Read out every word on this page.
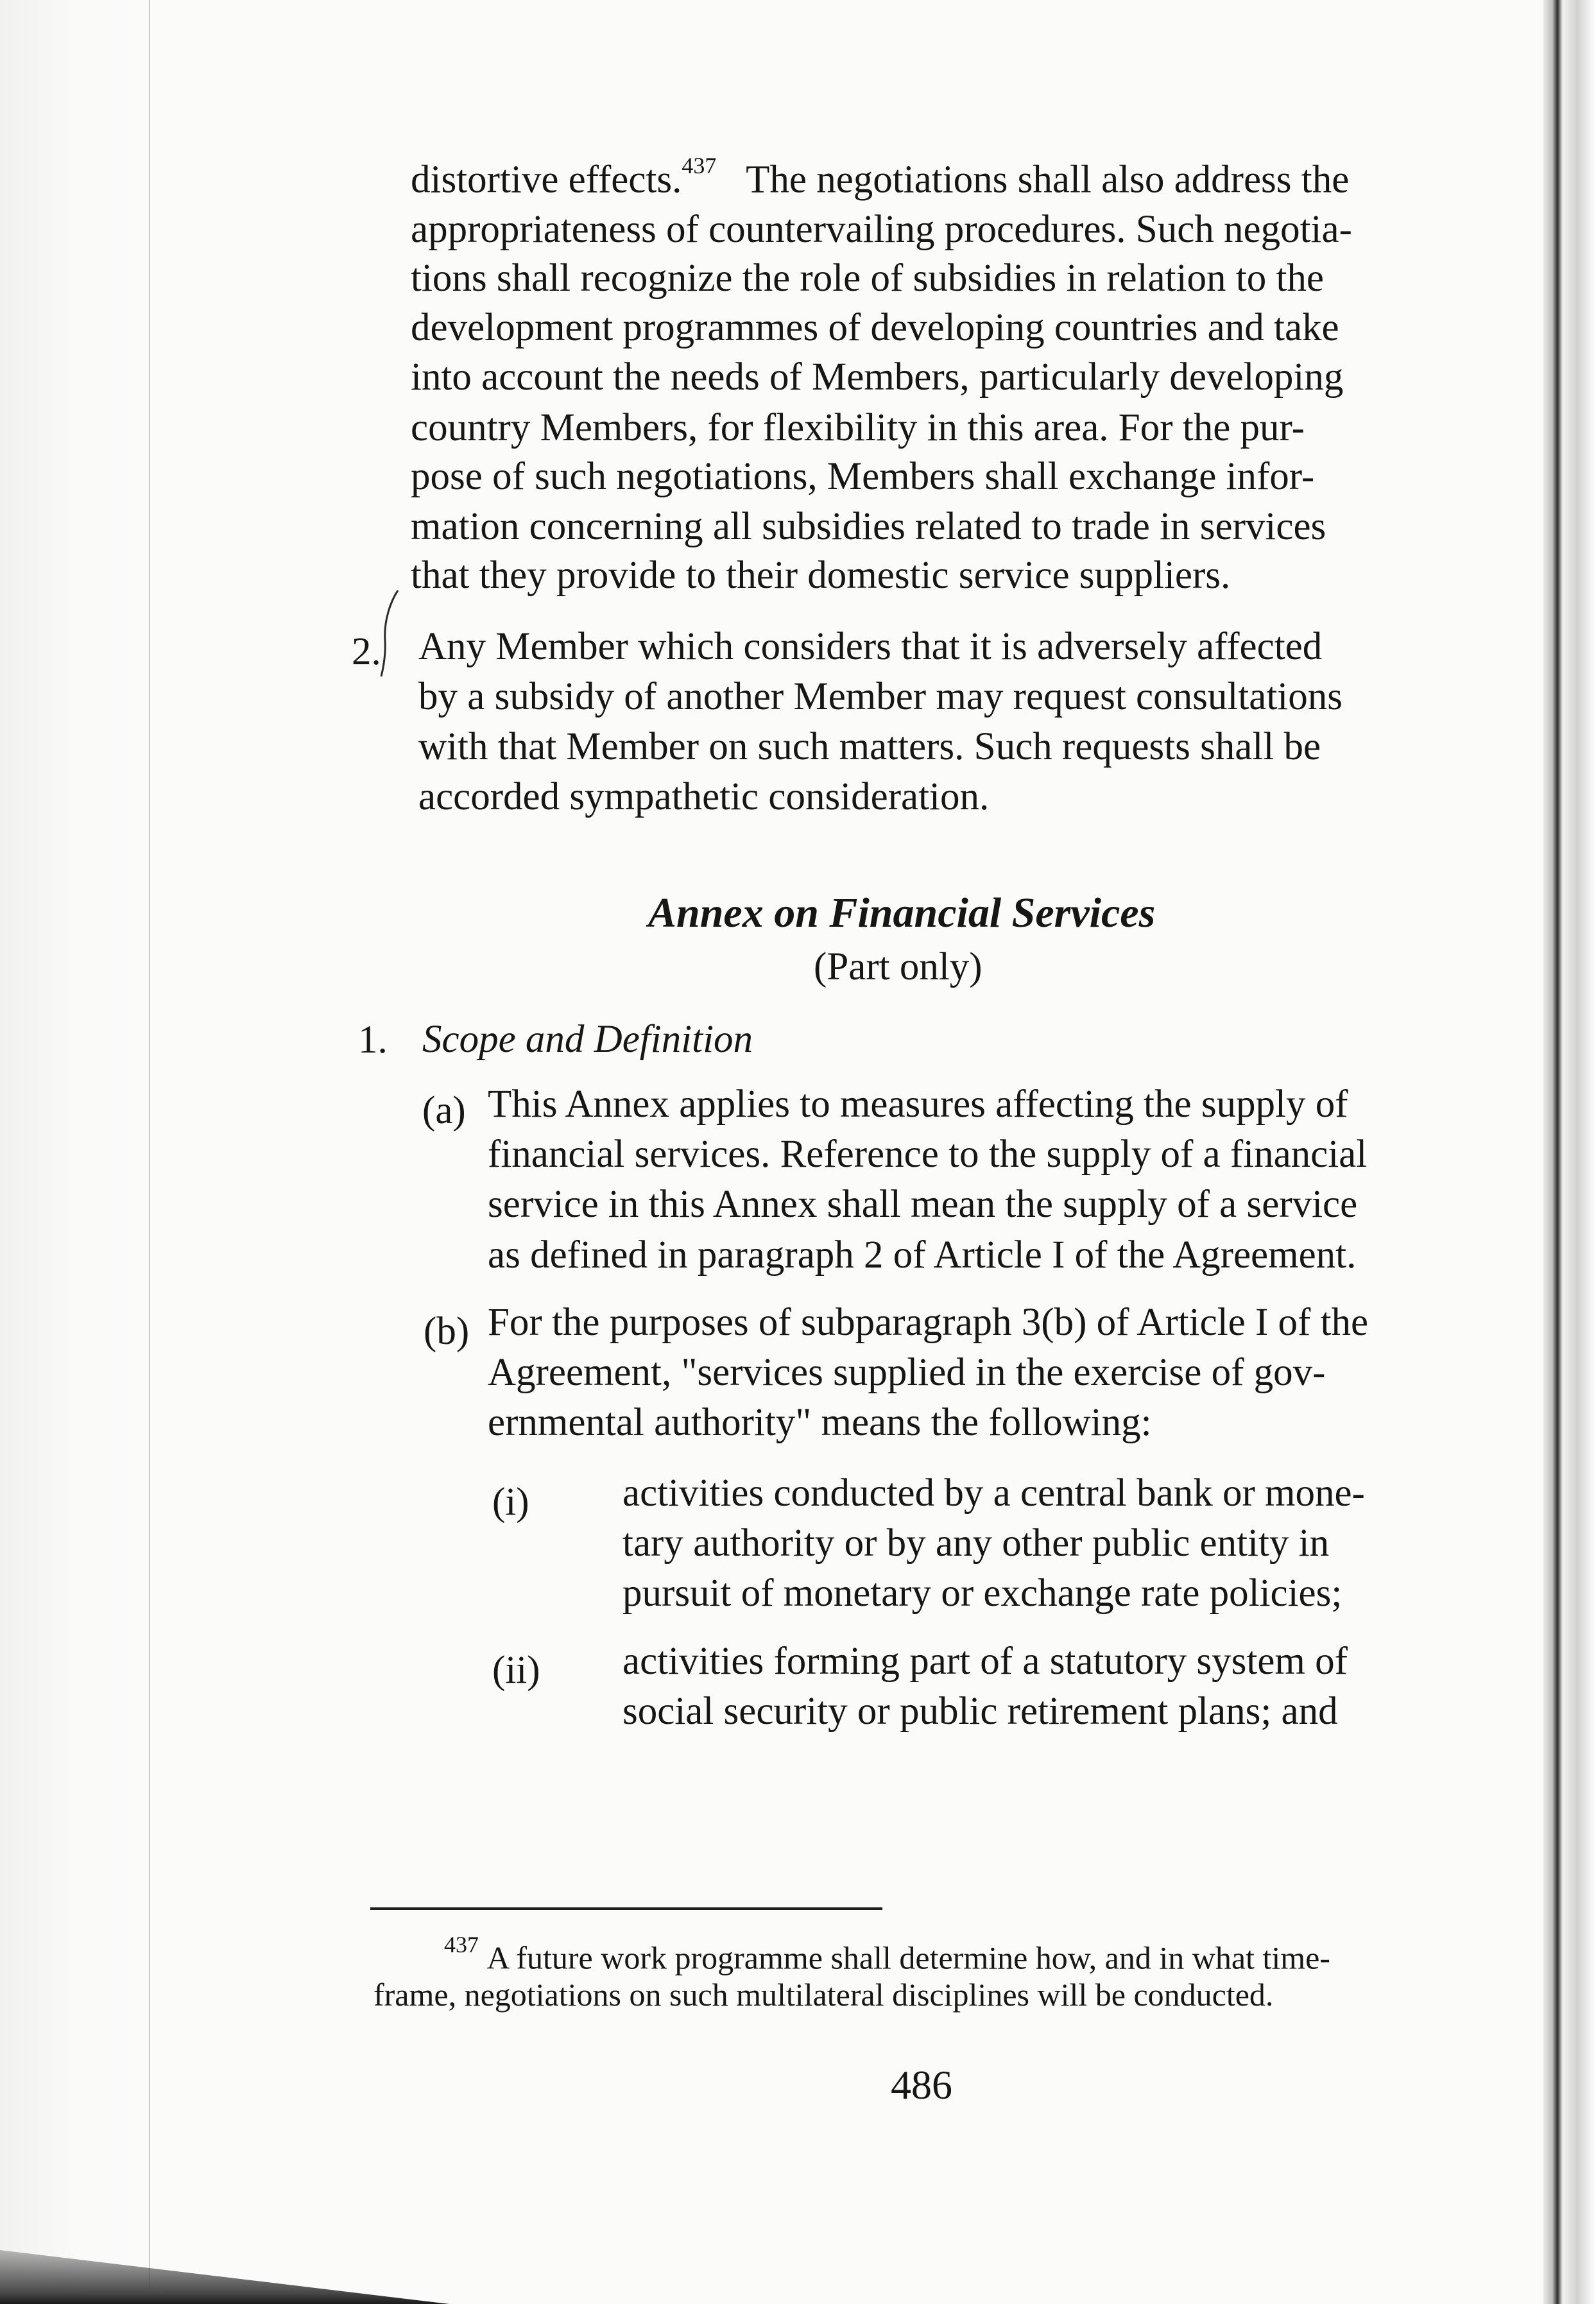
distortive effects.$^{437}$ The negotiations shall also address the
appropriateness of countervailing procedures. Such negotia-
tions shall recognize the role of subsidies in relation to the
development programmes of developing countries and take
into account the needs of Members, particularly developing
country Members, for flexibility in this area. For the pur-
pose of such negotiations, Members shall exchange infor-
mation concerning all subsidies related to trade in services
that they provide to their domestic service suppliers.
2. Any Member which considers that it is adversely affected
by a subsidy of another Member may request consultations
with that Member on such matters. Such requests shall be
accorded sympathetic consideration.
Annex on Financial Services
(Part only)
1. Scope and Definition
(a) This Annex applies to measures affecting the supply of
financial services. Reference to the supply of a financial
service in this Annex shall mean the supply of a service
as defined in paragraph 2 of Article I of the Agreement.
(b) For the purposes of subparagraph 3(b) of Article I of the
Agreement, "services supplied in the exercise of gov-
ernmental authority" means the following:
(i) activities conducted by a central bank or mone-
tary authority or by any other public entity in
pursuit of monetary or exchange rate policies;
(ii) activities forming part of a statutory system of
social security or public retirement plans; and
$^{437}$ A future work programme shall determine how, and in what time-
frame, negotiations on such multilateral disciplines will be conducted.
486
